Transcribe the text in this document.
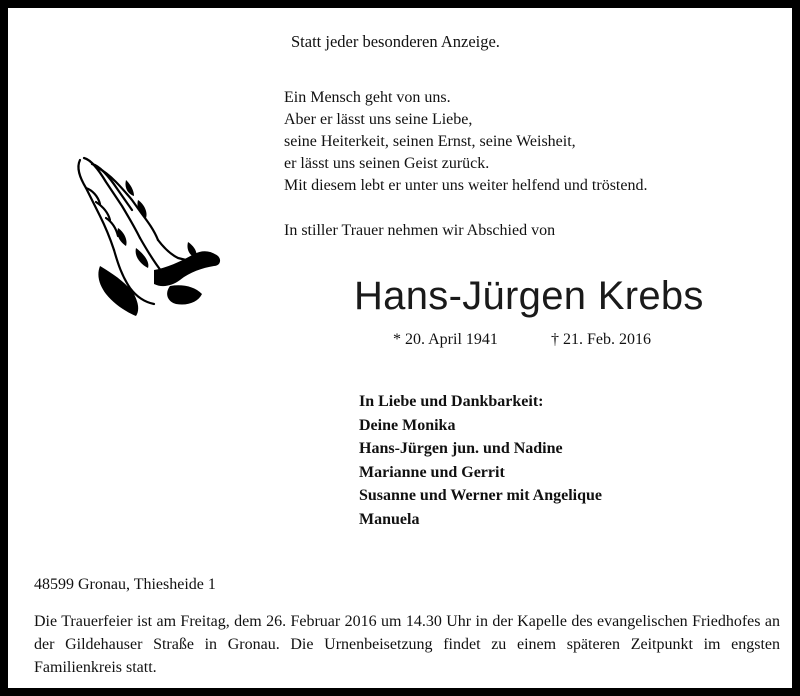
Statt jeder besonderen Anzeige.

Ein Mensch geht von uns.
Aber er lässt uns seine Liebe,
seine Heiterkeit, seinen Ernst, seine Weisheit,
er lässt uns seinen Geist zurück.
Mit diesem lebt er unter uns weiter helfend und tröstend.

In stiller Trauer nehmen wir Abschied von

Hans-Jürgen Krebs
* 20. April 1941	† 21. Feb. 2016
In Liebe und Dankbarkeit:
Deine Monika
Hans-Jürgen jun. und Nadine
Marianne und Gerrit
Susanne und Werner mit Angelique
Manuela

48599 Gronau, Thiesheide 1

Die Trauerfeier ist am Freitag, dem 26. Februar 2016 um 14.30 Uhr in der Kapelle des evangelischen Friedhofes an der Gildehauser Straße in Gronau. Die Urnenbeisetzung findet zu einem späteren Zeitpunkt im engsten Familienkreis statt.
